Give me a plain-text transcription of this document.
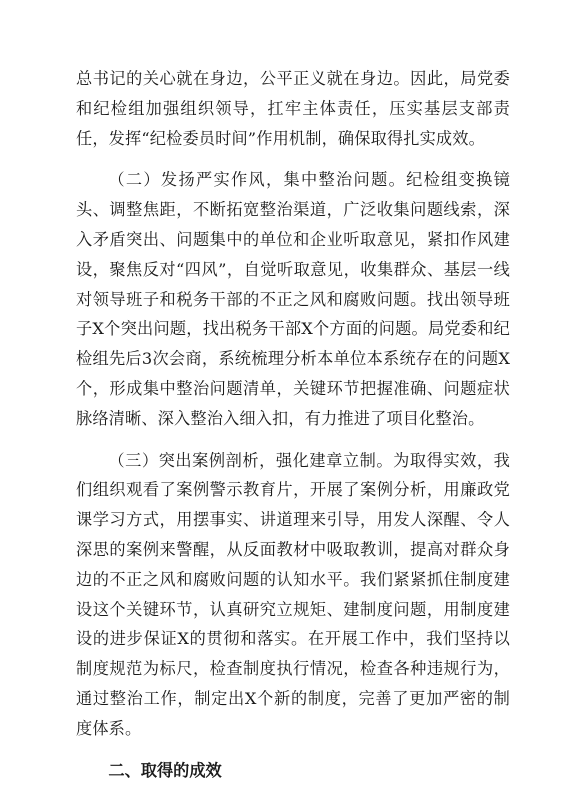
总书记的关心就在身边，公平正义就在身边。因此，局党委和纪检组加强组织领导，扛牢主体责任，压实基层支部责任，发挥“纪检委员时间”作用机制，确保取得扎实成效。

（二）发扬严实作风，集中整治问题。纪检组变换镜头、调整焦距，不断拓宽整治渠道，广泛收集问题线索，深入矛盾突出、问题集中的单位和企业听取意见，紧扣作风建设，聚焦反对“四风”，自觉听取意见，收集群众、基层一线对领导班子和税务干部的不正之风和腐败问题。找出领导班子X个突出问题，找出税务干部X个方面的问题。局党委和纪检组先后3次会商，系统梳理分析本单位本系统存在的问题X个，形成集中整治问题清单，关键环节把握准确、问题症状脉络清晰、深入整治入细入扣，有力推进了项目化整治。

（三）突出案例剖析，强化建章立制。为取得实效，我们组织观看了案例警示教育片，开展了案例分析，用廉政党课学习方式，用摆事实、讲道理来引导，用发人深醒、令人深思的案例来警醒，从反面教材中吸取教训，提高对群众身边的不正之风和腐败问题的认知水平。我们紧紧抓住制度建设这个关键环节，认真研究立规矩、建制度问题，用制度建设的进步保证X的贯彻和落实。在开展工作中，我们坚持以制度规范为标尺，检查制度执行情况，检查各种违规行为，通过整治工作，制定出X个新的制度，完善了更加严密的制度体系。

二、取得的成效
